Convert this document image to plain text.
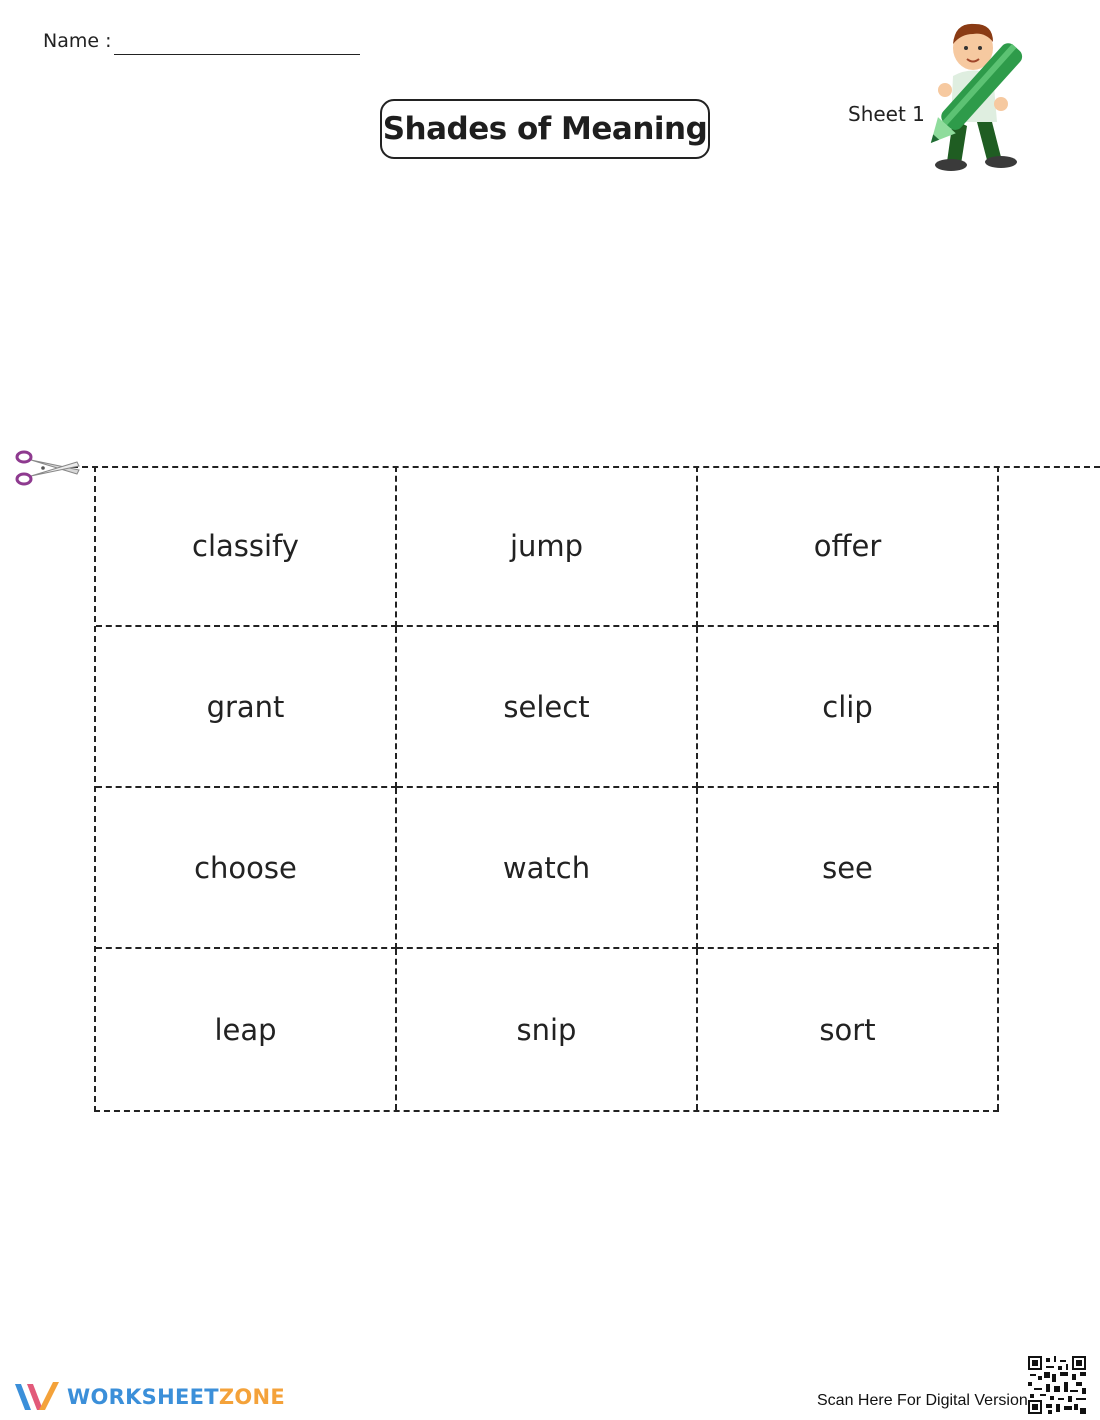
Name :
Shades of Meaning	Sheet 1
classify	jump	offer
grant	select	clip
choose	watch	see
leap	snip	sort
WORKSHEETZONE	Scan Here For Digital Version
